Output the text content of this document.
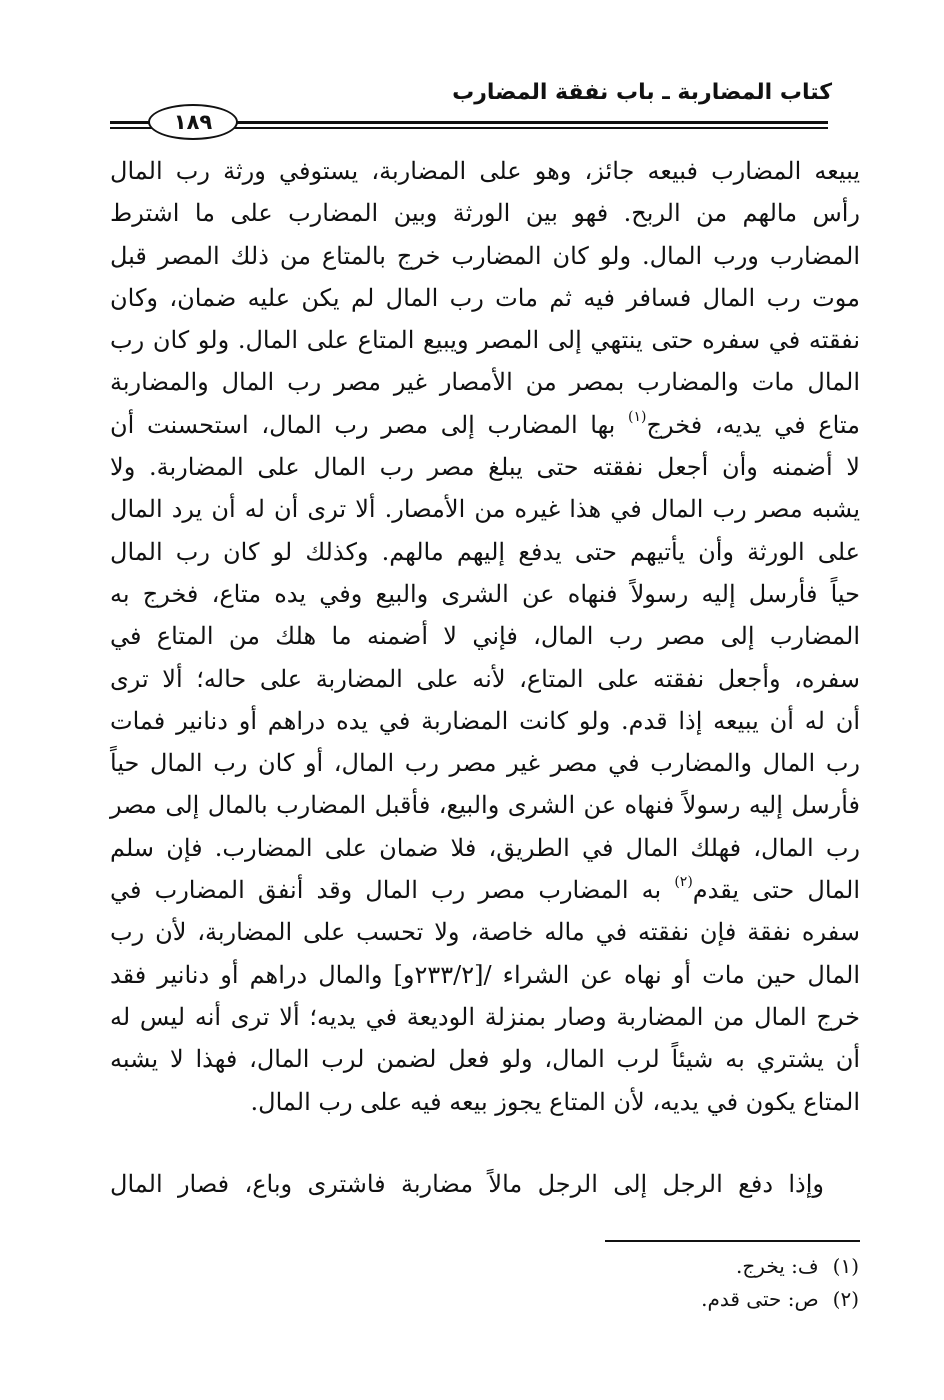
كتاب المضاربة ـ باب نفقة المضارب
١٨٩
يبيعه المضارب فبيعه جائز، وهو على المضاربة، يستوفي ورثة رب المال
رأس مالهم من الربح. فهو بين الورثة وبين المضارب على ما اشترط
المضارب ورب المال. ولو كان المضارب خرج بالمتاع من ذلك المصر قبل
موت رب المال فسافر فيه ثم مات رب المال لم يكن عليه ضمان، وكان
نفقته في سفره حتى ينتهي إلى المصر ويبيع المتاع على المال. ولو كان رب
المال مات والمضارب بمصر من الأمصار غير مصر رب المال والمضاربة
متاع في يديه، فخرج$^{(١)}$ بها المضارب إلى مصر رب المال، استحسنت أن
لا أضمنه وأن أجعل نفقته حتى يبلغ مصر رب المال على المضاربة. ولا
يشبه مصر رب المال في هذا غيره من الأمصار. ألا ترى أن له أن يرد المال
على الورثة وأن يأتيهم حتى يدفع إليهم مالهم. وكذلك لو كان رب المال
حياً فأرسل إليه رسولاً فنهاه عن الشرى والبيع وفي يده متاع، فخرج به
المضارب إلى مصر رب المال، فإني لا أضمنه ما هلك من المتاع في
سفره، وأجعل نفقته على المتاع، لأنه على المضاربة على حاله؛ ألا ترى
أن له أن يبيعه إذا قدم. ولو كانت المضاربة في يده دراهم أو دنانير فمات
رب المال والمضارب في مصر غير مصر رب المال، أو كان رب المال حياً
فأرسل إليه رسولاً فنهاه عن الشرى والبيع، فأقبل المضارب بالمال إلى مصر
رب المال، فهلك المال في الطريق، فلا ضمان على المضارب. فإن سلم
المال حتى يقدم$^{(٢)}$ به المضارب مصر رب المال وقد أنفق المضارب في
سفره نفقة فإن نفقته في ماله خاصة، ولا تحسب على المضاربة، لأن رب
المال حين مات أو نهاه عن الشراء /[٢٣٣/٢و] والمال دراهم أو دنانير فقد
خرج المال من المضاربة وصار بمنزلة الوديعة في يديه؛ ألا ترى أنه ليس له
أن يشتري به شيئاً لرب المال، ولو فعل لضمن لرب المال، فهذا لا يشبه
المتاع يكون في يديه، لأن المتاع يجوز بيعه فيه على رب المال.
وإذا دفع الرجل إلى الرجل مالاً مضاربة فاشترى وباع، فصار المال
(١)ف: يخرج.
(٢)ص: حتى قدم.
